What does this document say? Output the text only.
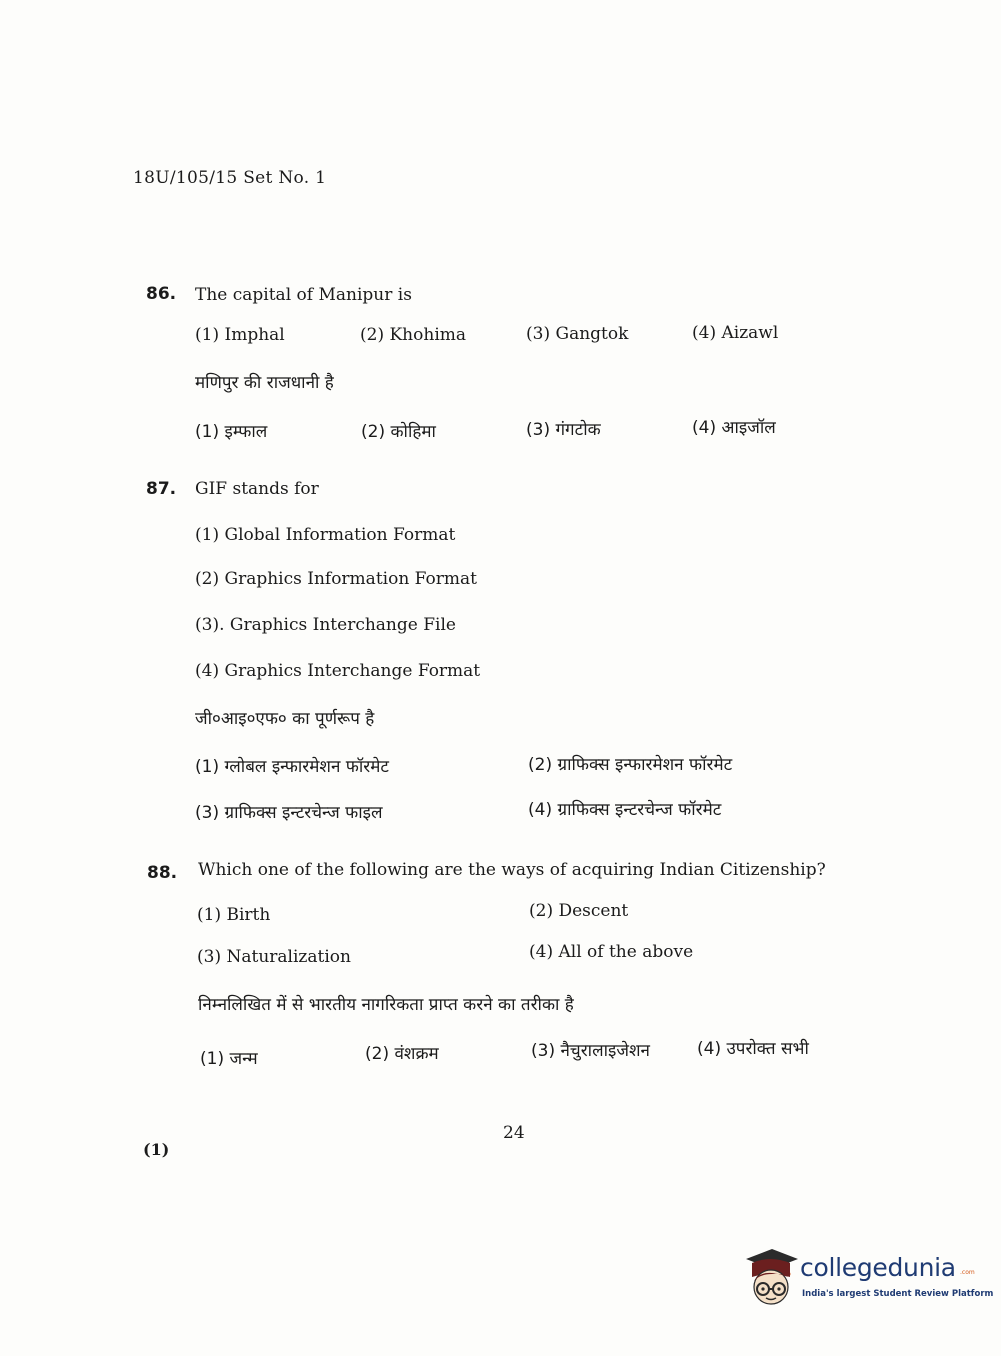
18U/105/15 Set No. 1
86. The capital of Manipur is
(1) Imphal	(2) Khohima	(3) Gangtok	(4) Aizawl
मणिपुर की राजधानी है
(1) इम्फाल	(2) कोहिमा	(3) गंगटोक	(4) आइजॉल
87. GIF stands for
(1) Global Information Format
(2) Graphics Information Format
(3). Graphics Interchange File
(4) Graphics Interchange Format
जी०आइ०एफ० का पूर्णरूप है
(1) ग्लोबल इन्फारमेशन फॉरमेट	(2) ग्राफिक्स इन्फारमेशन फॉरमेट
(3) ग्राफिक्स इन्टरचेन्ज फाइल	(4) ग्राफिक्स इन्टरचेन्ज फॉरमेट
88. Which one of the following are the ways of acquiring Indian Citizenship?
(1) Birth	(2) Descent
(3) Naturalization	(4) All of the above
निम्नलिखित में से भारतीय नागरिकता प्राप्त करने का तरीका है
(1) जन्म	(2) वंशक्रम	(3) नैचुरालाइजेशन	(4) उपरोक्त सभी
24
(1)
collegedunia .com
India's largest Student Review Platform
